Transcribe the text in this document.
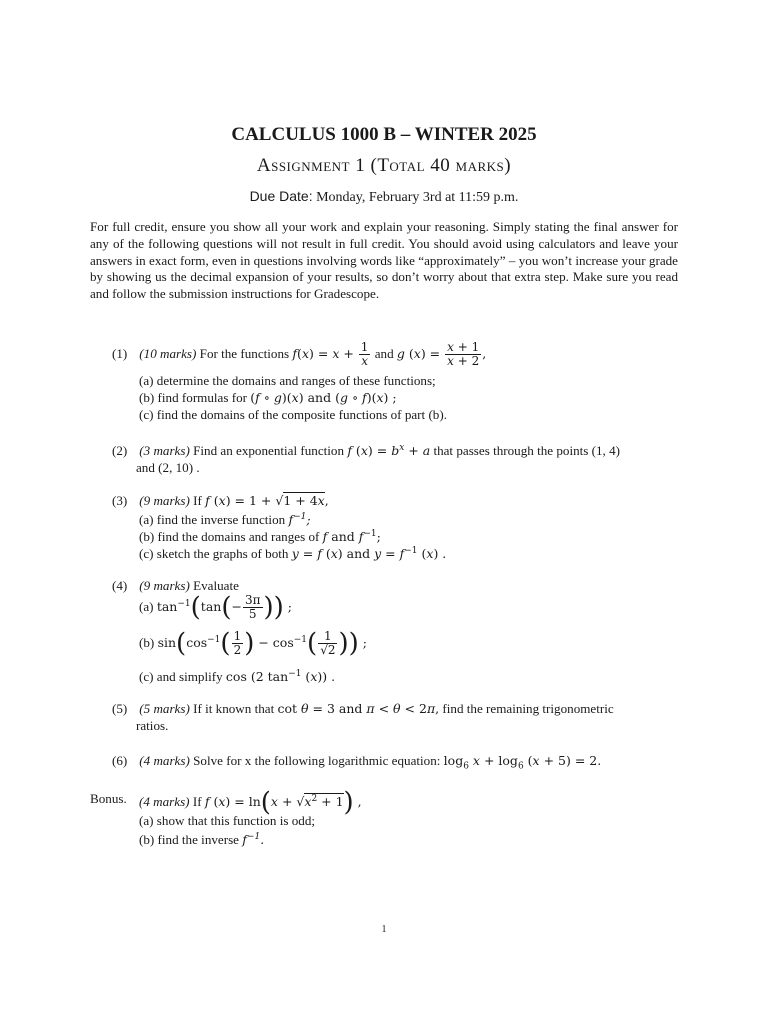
CALCULUS 1000 B – WINTER 2025
Assignment 1 (Total 40 marks)
Due Date: Monday, February 3rd at 11:59 p.m.
For full credit, ensure you show all your work and explain your reasoning. Simply stating the final answer for any of the following questions will not result in full credit. You should avoid using calculators and leave your answers in exact form, even in questions involving words like “approximately” – you won’t increase your grade by showing us the decimal expansion of your results, so don’t worry about that extra step. Make sure you read and follow the submission instructions for Gradescope.
(1) (10 marks) For the functions $f(x) = x + \frac{1}{x}$ and g $(x) = \frac{x + 1}{x + 2}$ ,
(a) determine the domains and ranges of these functions;
(b) find formulas for (f ∘ g)(x) and (g ∘ f)(x) ;
(c) find the domains of the composite functions of part (b).
(2) (3 marks) Find an exponential function f $(x) = b^x + a$ that passes through the points (1, 4)
and (2, 10) .
(3) (9 marks) If f (x) = 1 + √1 + 4x,
(a) find the inverse function $f^{-1}$;
(b) find the domains and ranges of f and $f^{-1}$;
(c) sketch the graphs of both y = f (x) and $y = f^{-1}$ (x) .
(4) (9 marks) Evaluate
(a) $\tan^{-1}(\tan(- \frac{3\pi}{5}$ )) ;
(b) $\sin(\cos^{-1}( \frac{1}{2}$ ) − $\cos^{-1}( \frac{1}{√2}$ )) ;
(c) and simplify cos (2 $\tan^{-1} (x)$) .
(5) (5 marks) If it known that cot θ = 3 and π < θ < 2π, find the remaining trigonometric
ratios.
(6) (4 marks) Solve for x the following logarithmic equation: $\log_6 x + \log_6 (x + 5) = 2$.
Bonus. (4 marks) If f $(x) = \ln(x + √x^2 + 1)$ ,
(a) show that this function is odd;
(b) find the inverse $f^{-1}$.
1
